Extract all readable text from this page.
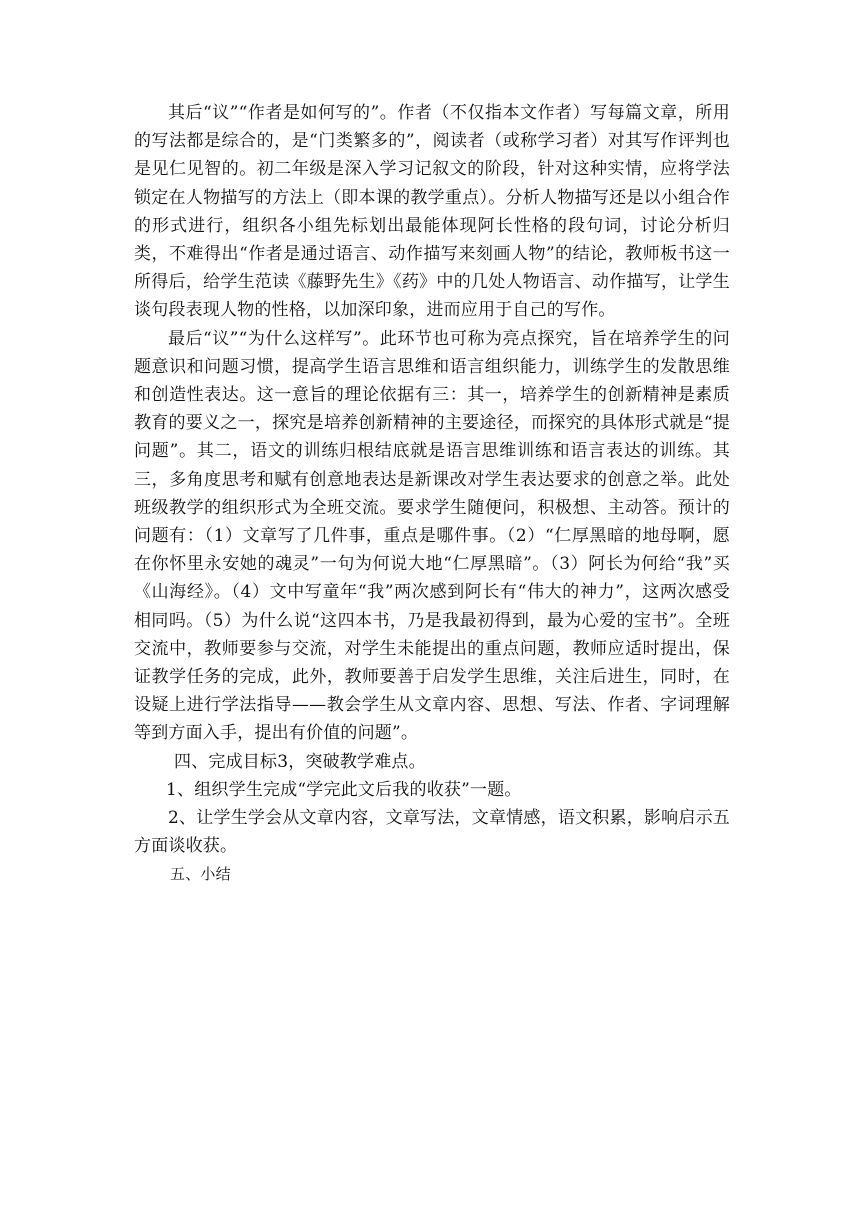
其后“议”“作者是如何写的”。作者（不仅指本文作者）写每篇文章，所用的写法都是综合的，是“门类繁多的”，阅读者（或称学习者）对其写作评判也是见仁见智的。初二年级是深入学习记叙文的阶段，针对这种实情，应将学法锁定在人物描写的方法上（即本课的教学重点）。分析人物描写还是以小组合作的形式进行，组织各小组先标划出最能体现阿长性格的段句词，讨论分析归类，不难得出“作者是通过语言、动作描写来刻画人物”的结论，教师板书这一所得后，给学生范读《藤野先生》《药》中的几处人物语言、动作描写，让学生谈句段表现人物的性格，以加深印象，进而应用于自己的写作。

最后“议”“为什么这样写”。此环节也可称为亮点探究，旨在培养学生的问题意识和问题习惯，提高学生语言思维和语言组织能力，训练学生的发散思维和创造性表达。这一意旨的理论依据有三：其一，培养学生的创新精神是素质教育的要义之一，探究是培养创新精神的主要途径，而探究的具体形式就是“提问题”。其二，语文的训练归根结底就是语言思维训练和语言表达的训练。其三，多角度思考和赋有创意地表达是新课改对学生表达要求的创意之举。此处班级教学的组织形式为全班交流。要求学生随便问，积极想、主动答。预计的问题有：（1）文章写了几件事，重点是哪件事。（2）“仁厚黑暗的地母啊，愿在你怀里永安她的魂灵”一句为何说大地“仁厚黑暗”。（3）阿长为何给“我”买《山海经》。（4）文中写童年“我”两次感到阿长有“伟大的神力”，这两次感受相同吗。（5）为什么说“这四本书，乃是我最初得到，最为心爱的宝书”。全班交流中，教师要参与交流，对学生未能提出的重点问题，教师应适时提出，保证教学任务的完成，此外，教师要善于启发学生思维，关注后进生，同时，在设疑上进行学法指导——教会学生从文章内容、思想、写法、作者、字词理解等到方面入手，提出有价值的问题”。

四、完成目标3，突破教学难点。

1、组织学生完成“学完此文后我的收获”一题。

2、让学生学会从文章内容，文章写法，文章情感，语文积累，影响启示五方面谈收获。

五、小结
